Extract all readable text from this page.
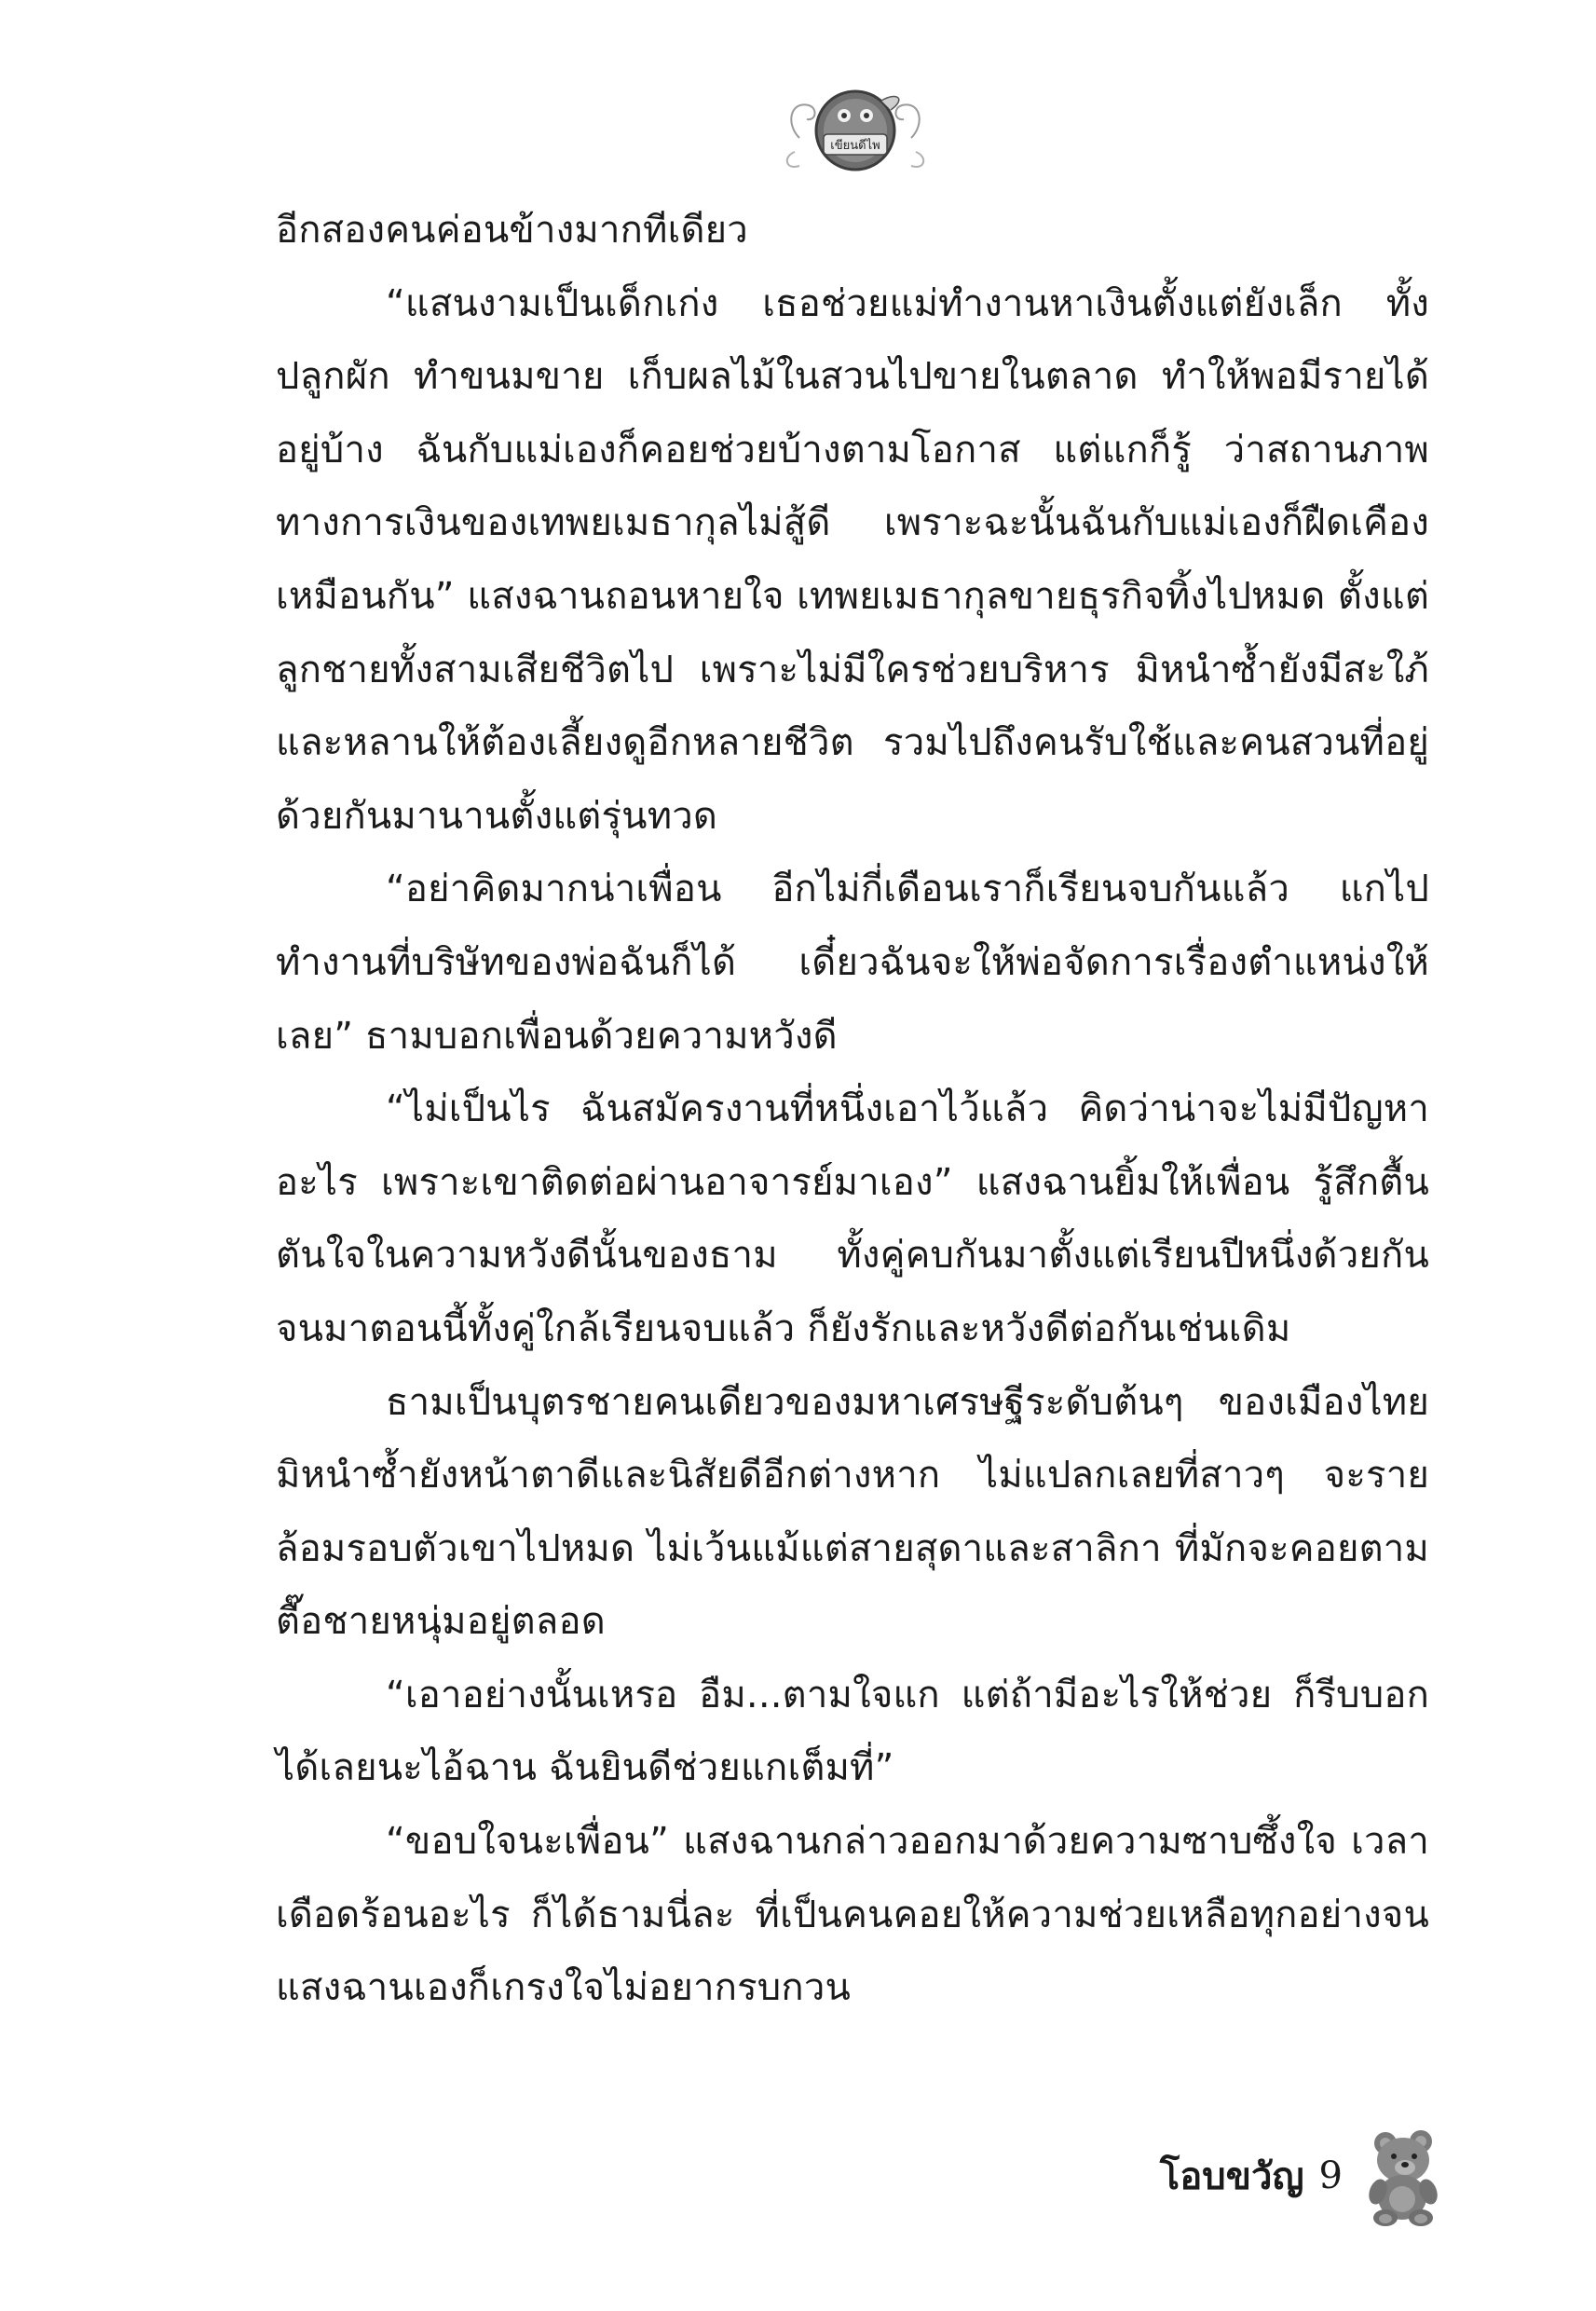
เขียนดีไพ

อีกสองคนค่อนข้างมากทีเดียว

“แสนงามเป็นเด็กเก่ง เธอช่วยแม่ทำงานหาเงินตั้งแต่ยังเล็ก ทั้งปลูกผัก ทำขนมขาย เก็บผลไม้ในสวนไปขายในตลาด ทำให้พอมีรายได้อยู่บ้าง ฉันกับแม่เองก็คอยช่วยบ้างตามโอกาส แต่แกก็รู้ ว่าสถานภาพทางการเงินของเทพยเมธากุลไม่สู้ดี เพราะฉะนั้นฉันกับแม่เองก็ฝืดเคืองเหมือนกัน” แสงฉานถอนหายใจ เทพยเมธากุลขายธุรกิจทิ้งไปหมด ตั้งแต่ลูกชายทั้งสามเสียชีวิตไป เพราะไม่มีใครช่วยบริหาร มิหนำซ้ำยังมีสะใภ้และหลานให้ต้องเลี้ยงดูอีกหลายชีวิต รวมไปถึงคนรับใช้และคนสวนที่อยู่ด้วยกันมานานตั้งแต่รุ่นทวด

“อย่าคิดมากน่าเพื่อน อีกไม่กี่เดือนเราก็เรียนจบกันแล้ว แกไปทำงานที่บริษัทของพ่อฉันก็ได้ เดี๋ยวฉันจะให้พ่อจัดการเรื่องตำแหน่งให้เลย” ธามบอกเพื่อนด้วยความหวังดี

“ไม่เป็นไร ฉันสมัครงานที่หนึ่งเอาไว้แล้ว คิดว่าน่าจะไม่มีปัญหาอะไร เพราะเขาติดต่อผ่านอาจารย์มาเอง” แสงฉานยิ้มให้เพื่อน รู้สึกตื้นตันใจในความหวังดีนั้นของธาม ทั้งคู่คบกันมาตั้งแต่เรียนปีหนึ่งด้วยกัน จนมาตอนนี้ทั้งคู่ใกล้เรียนจบแล้ว ก็ยังรักและหวังดีต่อกันเช่นเดิม

ธามเป็นบุตรชายคนเดียวของมหาเศรษฐีระดับต้นๆ ของเมืองไทย มิหนำซ้ำยังหน้าตาดีและนิสัยดีอีกต่างหาก ไม่แปลกเลยที่สาวๆ จะรายล้อมรอบตัวเขาไปหมด ไม่เว้นแม้แต่สายสุดาและสาลิกา ที่มักจะคอยตามตื๊อชายหนุ่มอยู่ตลอด

“เอาอย่างนั้นเหรอ อืม...ตามใจแก แต่ถ้ามีอะไรให้ช่วย ก็รีบบอกได้เลยนะไอ้ฉาน ฉันยินดีช่วยแกเต็มที่”

“ขอบใจนะเพื่อน” แสงฉานกล่าวออกมาด้วยความซาบซึ้งใจ เวลาเดือดร้อนอะไร ก็ได้ธามนี่ละ ที่เป็นคนคอยให้ความช่วยเหลือทุกอย่างจนแสงฉานเองก็เกรงใจไม่อยากรบกวน

โอบขวัญ 9
